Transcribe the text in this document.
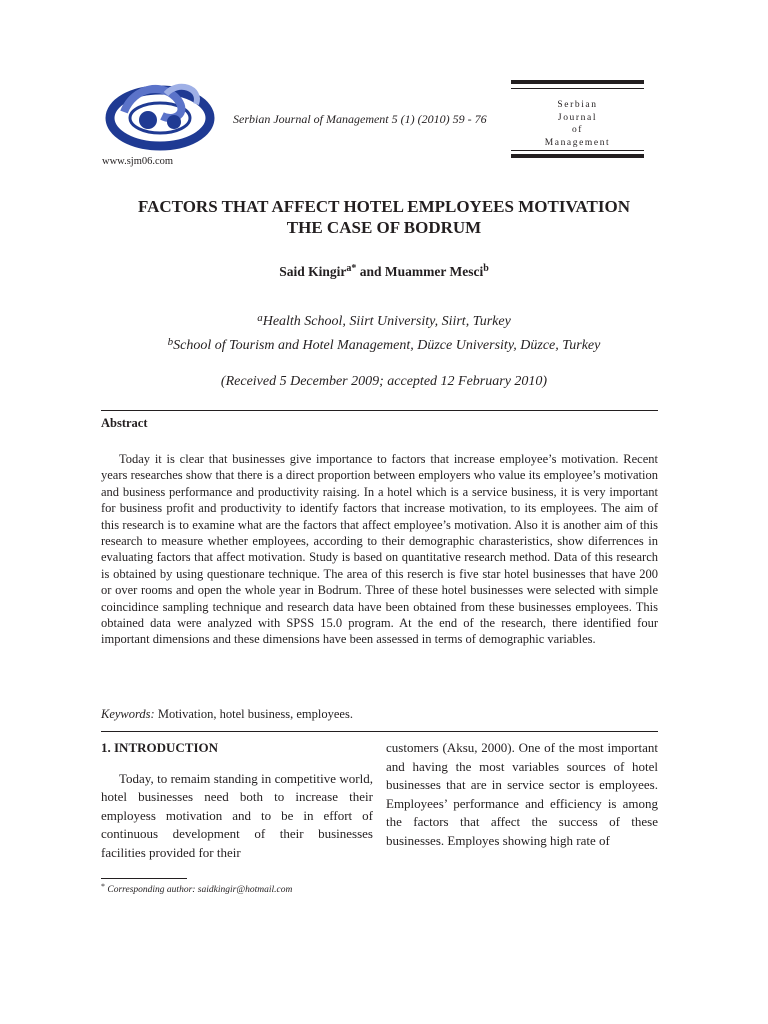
www.sjm06.com
Serbian Journal of Management 5 (1) (2010) 59 - 76
Serbian
Journal
of
Management
FACTORS THAT AFFECT HOTEL EMPLOYEES MOTIVATION
THE CASE OF BODRUM
Said Kingir$^{a*}$ and Muammer Mesci$^b$
$^a$Health School, Siirt University, Siirt, Turkey
$^b$School of Tourism and Hotel Management, Düzce University, Düzce, Turkey
(Received 5 December 2009; accepted 12 February 2010)
Abstract
Today it is clear that businesses give importance to factors that increase employee’s motivation. Recent years researches show that there is a direct proportion between employers who value its employee’s motivation and business performance and productivity raising. In a hotel which is a service business, it is very important for business profit and productivity to identify factors that increase motivation, to its employees. The aim of this research is to examine what are the factors that affect employee’s motivation. Also it is another aim of this research to measure whether employees, according to their demographic charasteristics, show diferrences in evaluating factors that affect motivation. Study is based on quantitative research method. Data of this research is obtained by using questionare technique. The area of this reserch is five star hotel businesses that have 200 or over rooms and open the whole year in Bodrum. Three of these hotel businesses were selected with simple coincidince sampling technique and research data have been obtained from these businesses employees. This obtained data were analyzed with SPSS 15.0 program. At the end of the research, there identified four important dimensions and these dimensions have been assessed in terms of demographic variables.
Keywords: Motivation, hotel business, employees.
1. INTRODUCTION

Today, to remaim standing in competitive world, hotel businesses need both to increase their employess motivation and to be in effort of continuous development of their businesses facilities provided for their

customers (Aksu, 2000). One of the most important and having the most variables sources of hotel businesses that are in service sector is employees. Employees’ performance and efficiency is among the factors that affect the success of these businesses. Employes showing high rate of

* Corresponding author: saidkingir@hotmail.com
